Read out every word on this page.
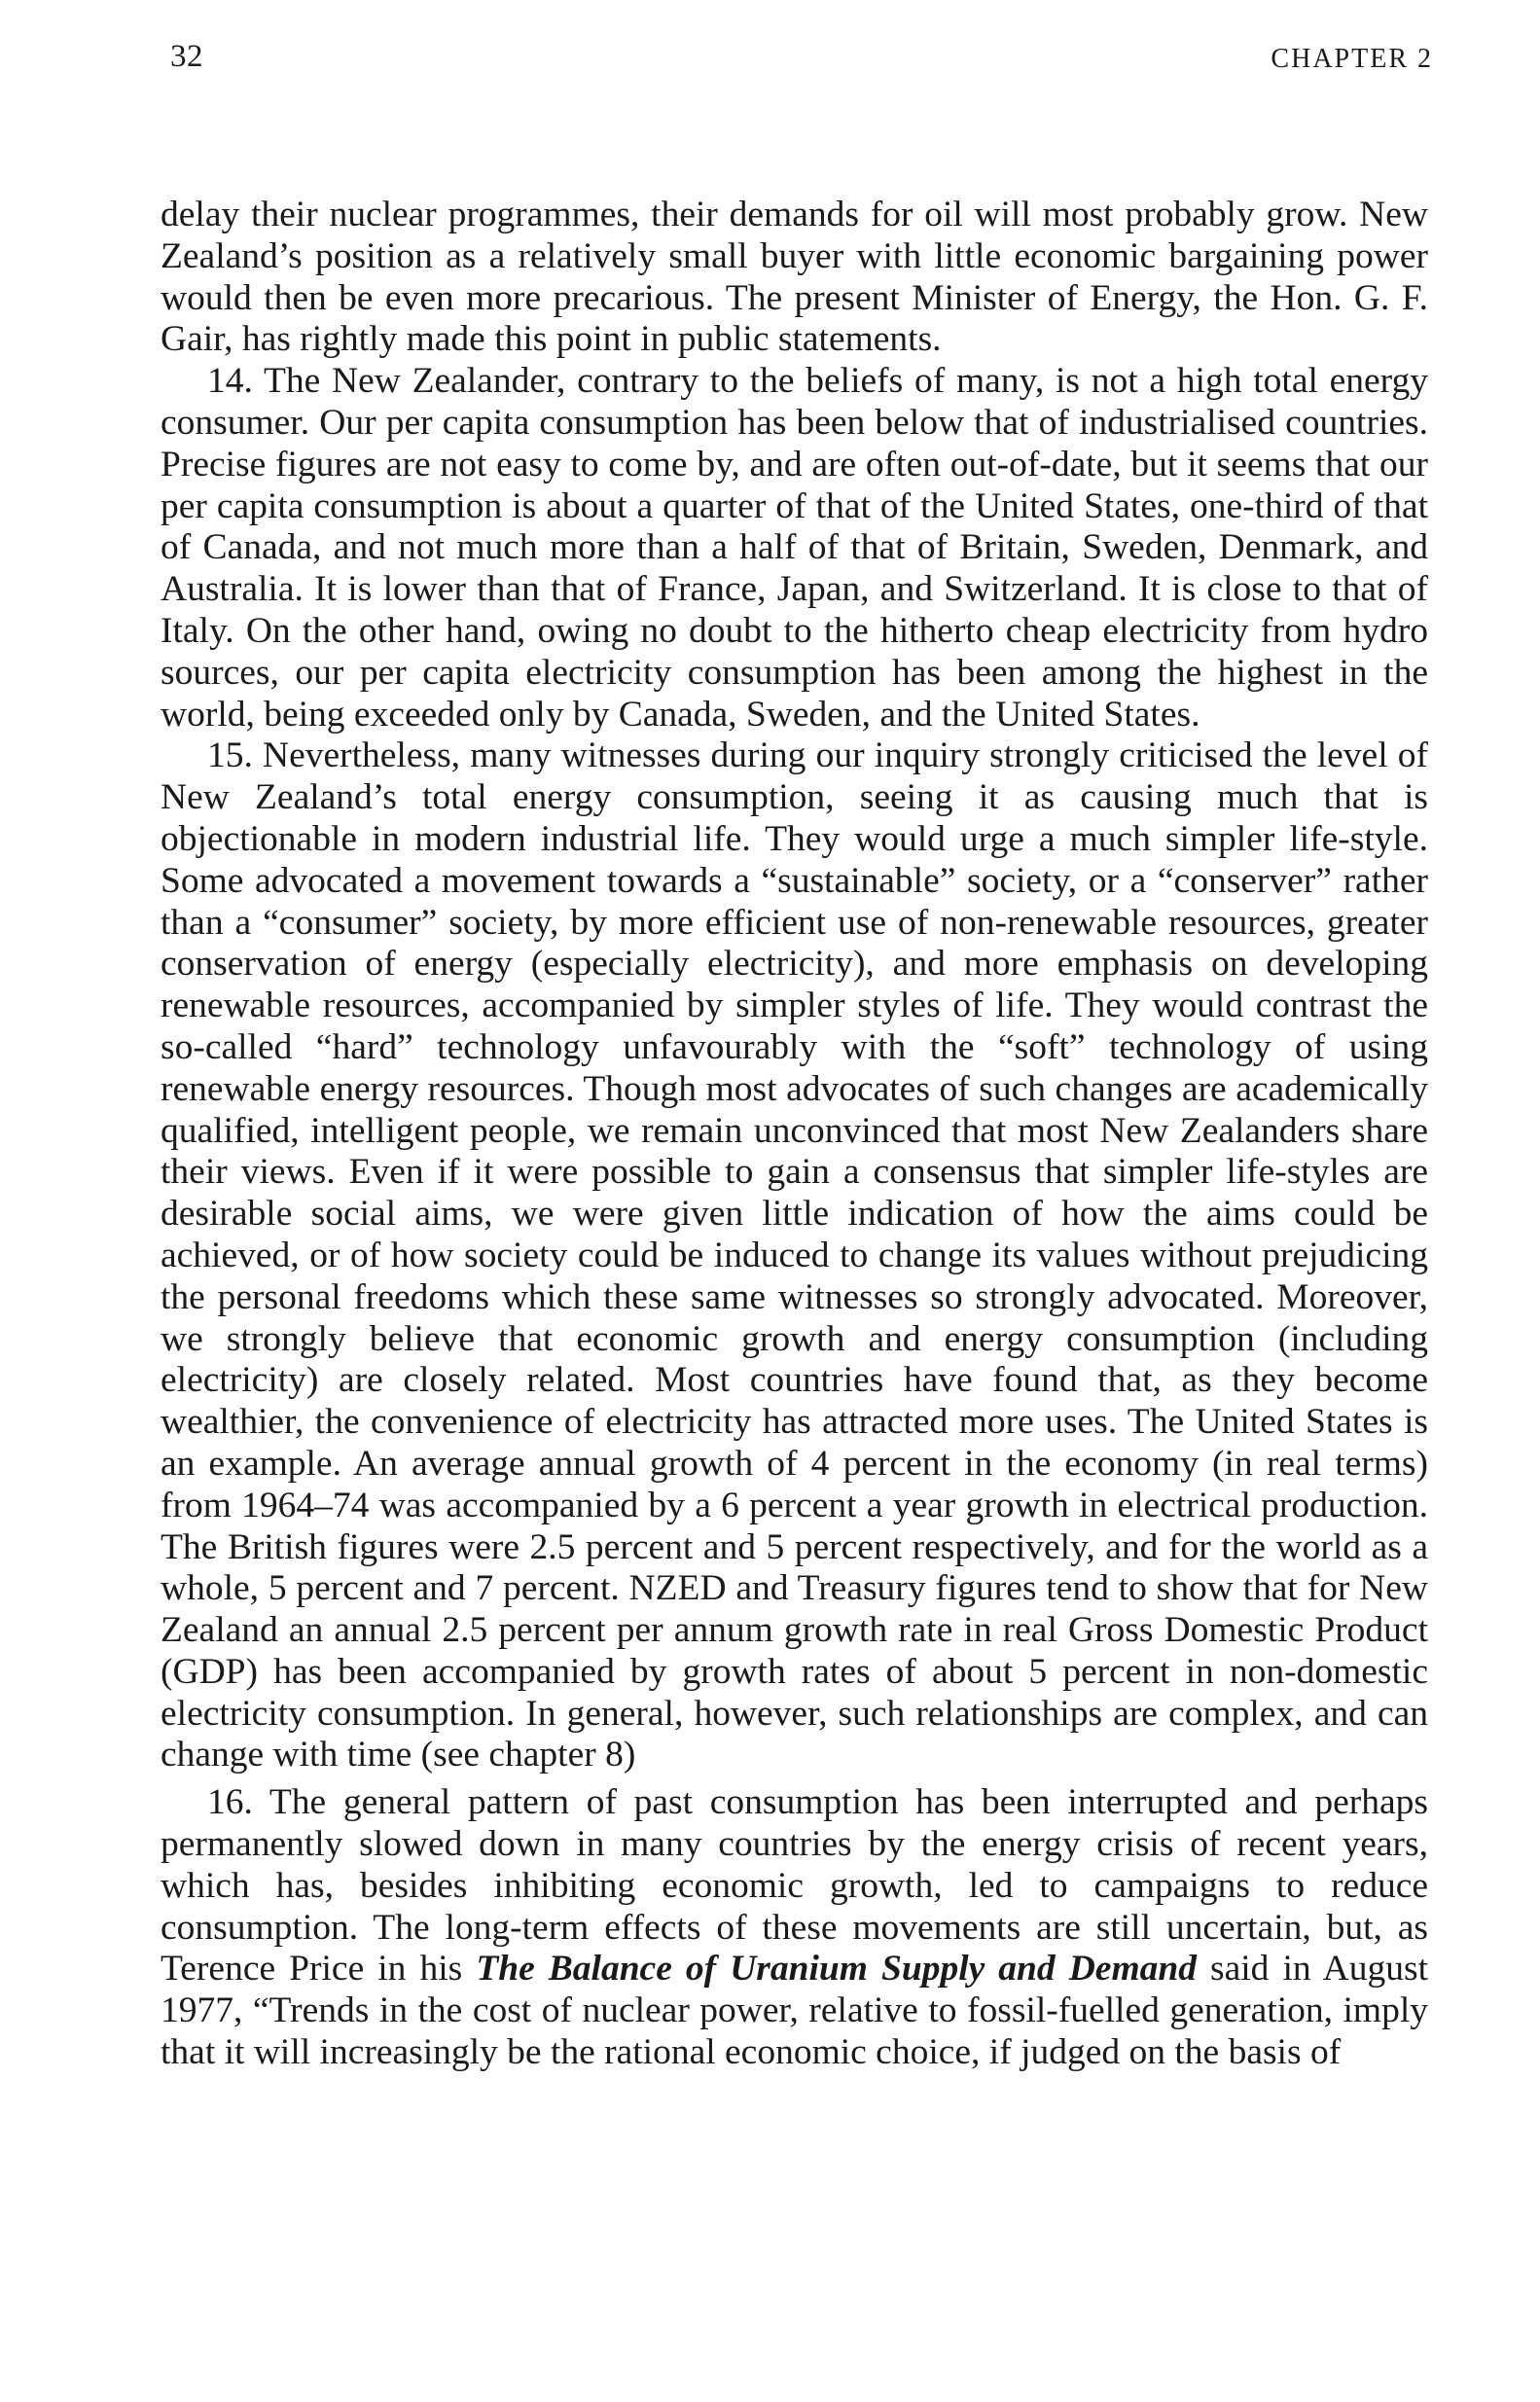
32	CHAPTER 2

delay their nuclear programmes, their demands for oil will most probably grow. New Zealand’s position as a relatively small buyer with little economic bargaining power would then be even more precarious. The present Minister of Energy, the Hon. G. F. Gair, has rightly made this point in public statements.

14. The New Zealander, contrary to the beliefs of many, is not a high total energy consumer. Our per capita consumption has been below that of industrialised countries. Precise figures are not easy to come by, and are often out-of-date, but it seems that our per capita consumption is about a quarter of that of the United States, one-third of that of Canada, and not much more than a half of that of Britain, Sweden, Denmark, and Australia. It is lower than that of France, Japan, and Switzerland. It is close to that of Italy. On the other hand, owing no doubt to the hitherto cheap electricity from hydro sources, our per capita electricity consumption has been among the highest in the world, being exceeded only by Canada, Sweden, and the United States.

15. Nevertheless, many witnesses during our inquiry strongly criticised the level of New Zealand’s total energy consumption, seeing it as causing much that is objectionable in modern industrial life. They would urge a much simpler life-style. Some advocated a movement towards a “sustainable” society, or a “conserver” rather than a “consumer” society, by more efficient use of non-renewable resources, greater conservation of energy (especially electricity), and more emphasis on developing renewable resources, accompanied by simpler styles of life. They would contrast the so-called “hard” technology unfavourably with the “soft” technology of using renewable energy resources. Though most advocates of such changes are academically qualified, intelligent people, we remain unconvinced that most New Zealanders share their views. Even if it were possible to gain a consensus that simpler life-styles are desirable social aims, we were given little indication of how the aims could be achieved, or of how society could be induced to change its values without prejudicing the personal freedoms which these same witnesses so strongly advocated. Moreover, we strongly believe that economic growth and energy consumption (including electricity) are closely related. Most countries have found that, as they become wealthier, the convenience of electricity has attracted more uses. The United States is an example. An average annual growth of 4 percent in the economy (in real terms) from 1964–74 was accompanied by a 6 percent a year growth in electrical production. The British figures were 2.5 percent and 5 percent respectively, and for the world as a whole, 5 percent and 7 percent. NZED and Treasury figures tend to show that for New Zealand an annual 2.5 percent per annum growth rate in real Gross Domestic Product (GDP) has been accompanied by growth rates of about 5 percent in non-domestic electricity consumption. In general, however, such relationships are complex, and can change with time (see chapter 8)

16. The general pattern of past consumption has been interrupted and perhaps permanently slowed down in many countries by the energy crisis of recent years, which has, besides inhibiting economic growth, led to campaigns to reduce consumption. The long-term effects of these movements are still uncertain, but, as Terence Price in his The Balance of Uranium Supply and Demand said in August 1977, “Trends in the cost of nuclear power, relative to fossil-fuelled generation, imply that it will increasingly be the rational economic choice, if judged on the basis of
